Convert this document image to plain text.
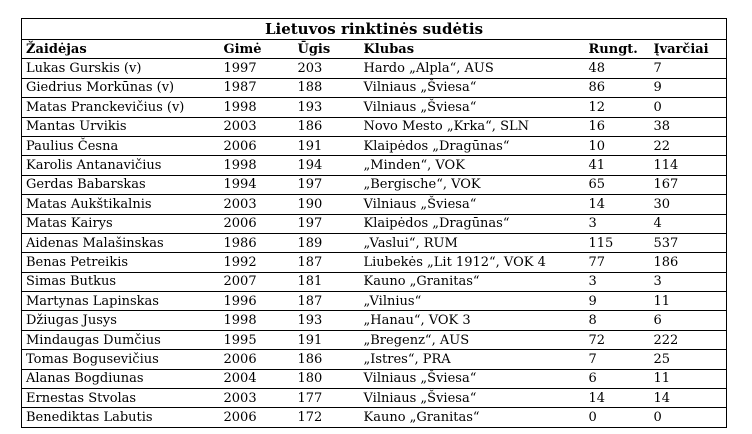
Lietuvos rinktinės sudėtis					
Žaidėjas	Gimė	Ūgis	Klubas	Rungt.	Įvarčiai
Lukas Gurskis (v)	1997	203	Hardo „Alpla“, AUS	48	7
Giedrius Morkūnas (v)	1987	188	Vilniaus „Šviesa“	86	9
Matas Pranckevičius (v)	1998	193	Vilniaus „Šviesa“	12	0
Mantas Urvikis	2003	186	Novo Mesto „Krka“, SLN	16	38
Paulius Česna	2006	191	Klaipėdos „Dragūnas“	10	22
Karolis Antanavičius	1998	194	„Minden“, VOK	41	114
Gerdas Babarskas	1994	197	„Bergische“, VOK	65	167
Matas Aukštikalnis	2003	190	Vilniaus „Šviesa“	14	30
Matas Kairys	2006	197	Klaipėdos „Dragūnas“	3	4
Aidenas Malašinskas	1986	189	„Vaslui“, RUM	115	537
Benas Petreikis	1992	187	Liubekės „Lit 1912“, VOK 4	77	186
Simas Butkus	2007	181	Kauno „Granitas“	3	3
Martynas Lapinskas	1996	187	„Vilnius“	9	11
Džiugas Jusys	1998	193	„Hanau“, VOK 3	8	6
Mindaugas Dumčius	1995	191	„Bregenz“, AUS	72	222
Tomas Bogusevičius	2006	186	„Istres“, PRA	7	25
Alanas Bogdiunas	2004	180	Vilniaus „Šviesa“	6	11
Ernestas Stvolas	2003	177	Vilniaus „Šviesa“	14	14
Benediktas Labutis	2006	172	Kauno „Granitas“	0	0
